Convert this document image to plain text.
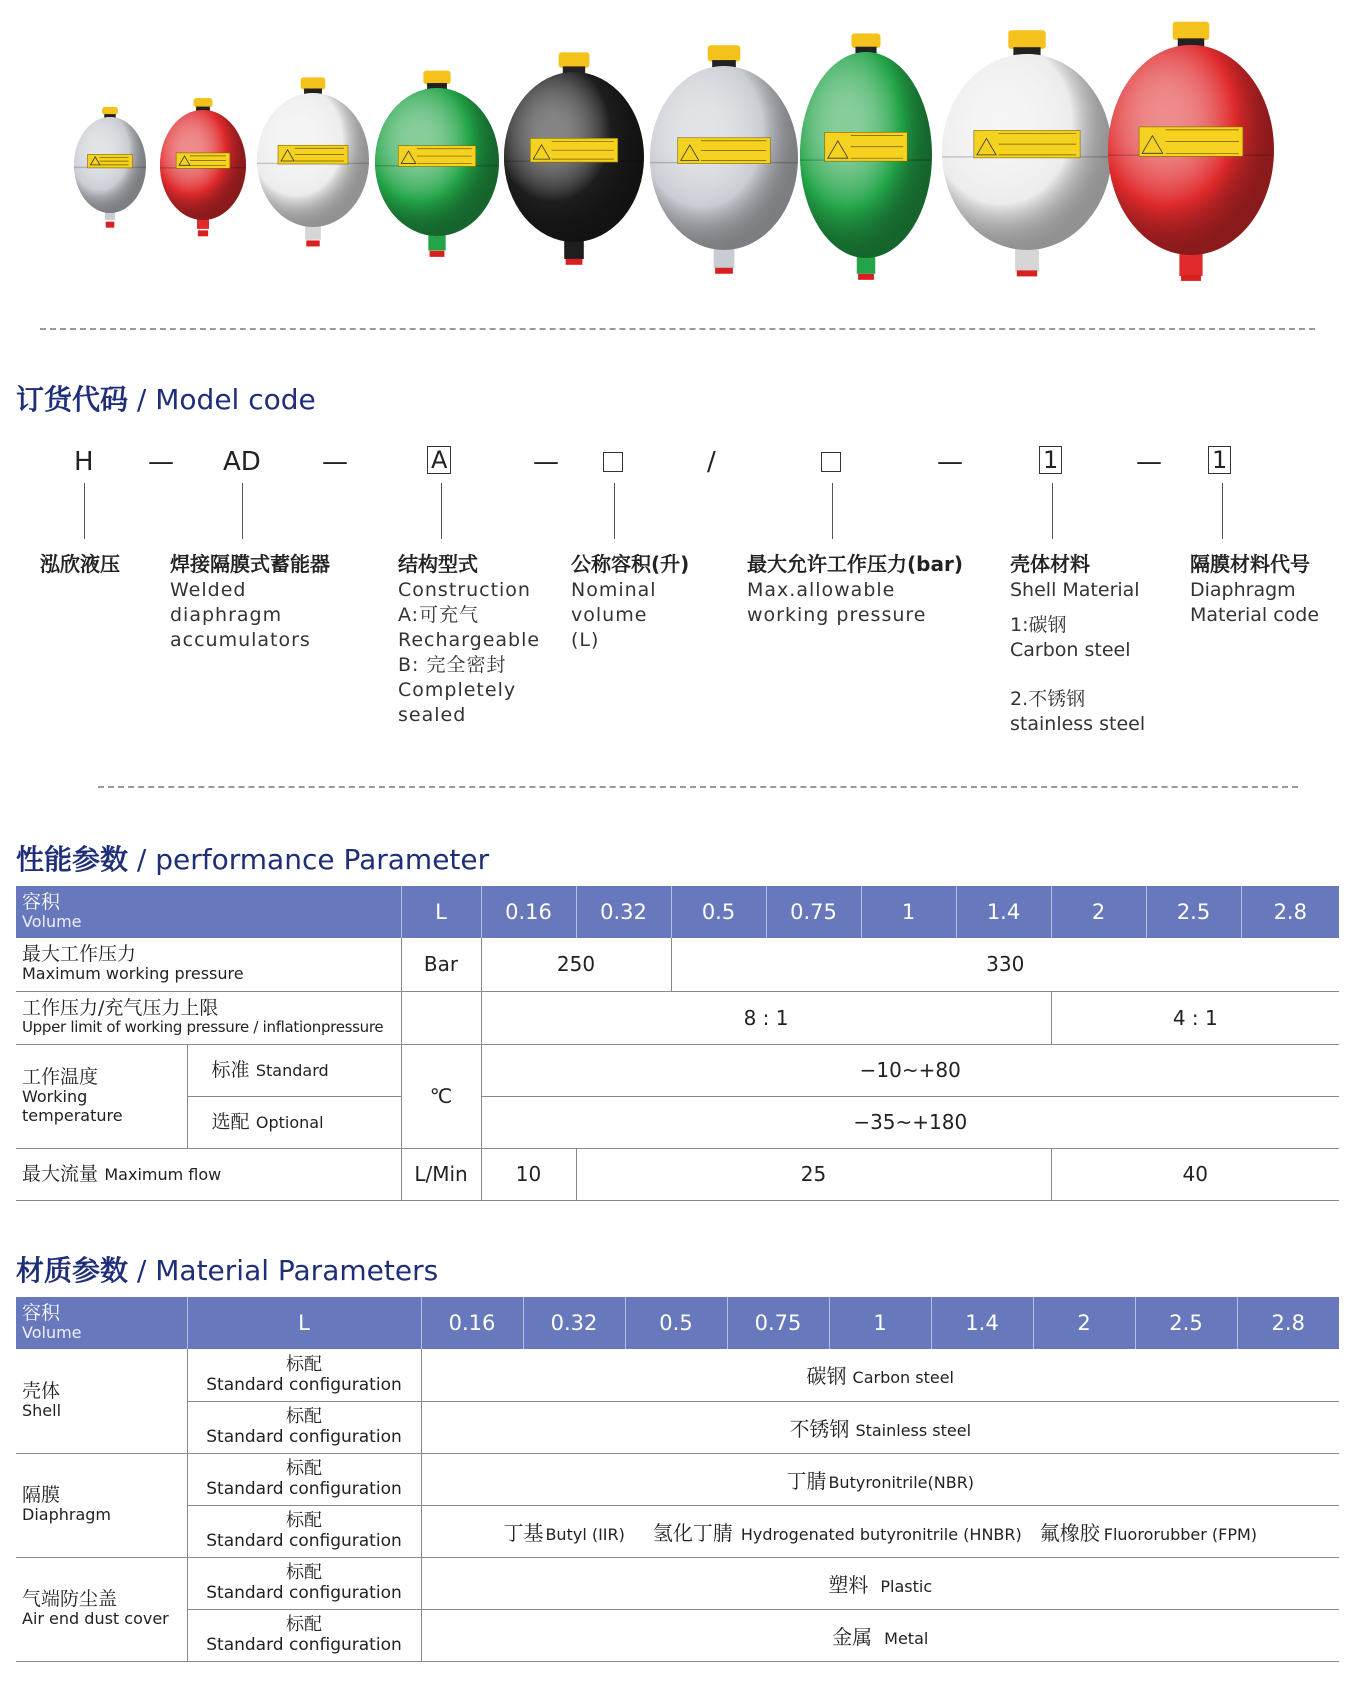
订货代码 / Model code
H — AD —	A	—	/	—	1	— 1
泓欣液压	焊接隔膜式蓄能器
Welded
diaphragm
accumulators
结构型式
Construction
A:可充气
Rechargeable
B: 完全密封
Completely
sealed
公称容积(升)
Nominal
volume
(L)
最大允许工作压力(bar)
Max.allowable
working pressure
壳体材料
Shell Material
1:碳钢
Carbon steel
2.不锈钢
stainless steel
隔膜材料代号
Diaphragm
Material code
性能参数 / performance Parameter
容积
Volume		L	0.16	0.32	0.5	0.75	1	1.4	2	2.5	2.8

最大工作压力
Maximum working pressure		Bar	250		330						

工作压力/充气压力上限
Upper limit of working pressure / inflationpressure			8 : 1						4 : 1		

工作温度
Working temperature	标准 Standard	℃	−10~+80								
	选配 Optional		−35~+180								
最大流量 Maximum flow		L/Min	10	25					40		
材质参数 / Material Parameters
容积
Volume	L	0.16	0.32	0.5	0.75	1	1.4	2	2.5	2.8

壳体
Shell	标配
Standard configuration	碳钢 Carbon steel								

	标配
Standard configuration	不锈钢 Stainless steel								

隔膜
Diaphragm	标配
Standard configuration	丁腈 Butyronitrile(NBR)								

	标配
Standard configuration	丁基 Butyl (IIR) 氢化丁腈 Hydrogenated butyronitrile (HNBR) 氟橡胶 Fluororubber (FPM)								

气端防尘盖
Air end dust cover	标配
Standard configuration	塑料 Plastic								

	标配
Standard configuration	金属 Metal								
